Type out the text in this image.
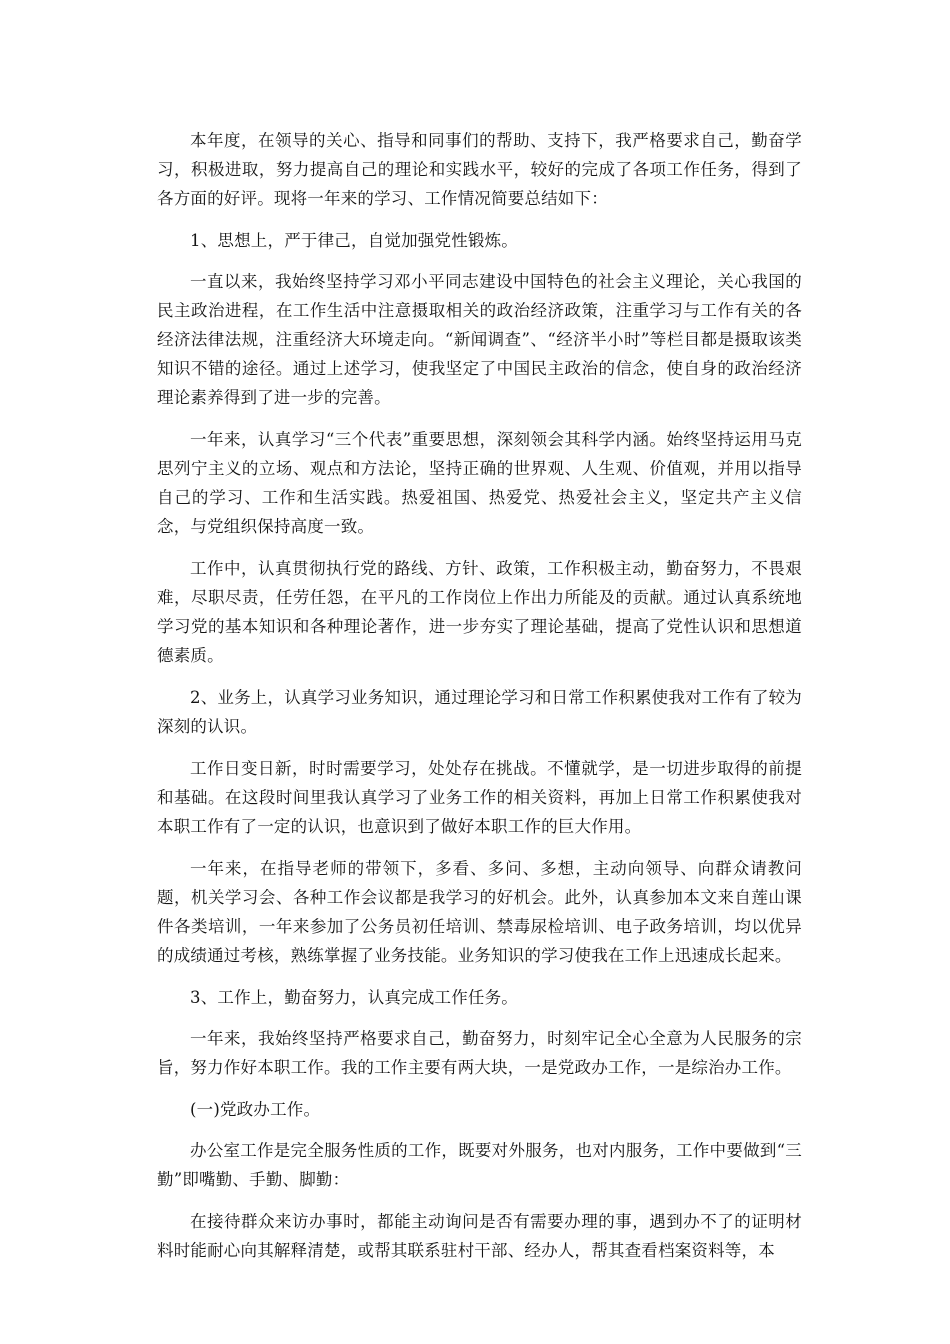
本年度，在领导的关心、指导和同事们的帮助、支持下，我严格要求自己，勤奋学习，积极进取，努力提高自己的理论和实践水平，较好的完成了各项工作任务，得到了各方面的好评。现将一年来的学习、工作情况简要总结如下：

1、思想上，严于律己，自觉加强党性锻炼。

一直以来，我始终坚持学习邓小平同志建设中国特色的社会主义理论，关心我国的民主政治进程，在工作生活中注意摄取相关的政治经济政策，注重学习与工作有关的各经济法律法规，注重经济大环境走向。“新闻调查”、“经济半小时”等栏目都是摄取该类知识不错的途径。通过上述学习，使我坚定了中国民主政治的信念，使自身的政治经济理论素养得到了进一步的完善。

一年来，认真学习“三个代表”重要思想，深刻领会其科学内涵。始终坚持运用马克思列宁主义的立场、观点和方法论，坚持正确的世界观、人生观、价值观，并用以指导自己的学习、工作和生活实践。热爱祖国、热爱党、热爱社会主义，坚定共产主义信念，与党组织保持高度一致。

工作中，认真贯彻执行党的路线、方针、政策，工作积极主动，勤奋努力，不畏艰难，尽职尽责，任劳任怨，在平凡的工作岗位上作出力所能及的贡献。通过认真系统地学习党的基本知识和各种理论著作，进一步夯实了理论基础，提高了党性认识和思想道德素质。

2、业务上，认真学习业务知识，通过理论学习和日常工作积累使我对工作有了较为深刻的认识。

工作日变日新，时时需要学习，处处存在挑战。不懂就学，是一切进步取得的前提和基础。在这段时间里我认真学习了业务工作的相关资料，再加上日常工作积累使我对本职工作有了一定的认识，也意识到了做好本职工作的巨大作用。

一年来，在指导老师的带领下，多看、多问、多想，主动向领导、向群众请教问题，机关学习会、各种工作会议都是我学习的好机会。此外，认真参加本文来自莲山课件各类培训，一年来参加了公务员初任培训、禁毒尿检培训、电子政务培训，均以优异的成绩通过考核，熟练掌握了业务技能。业务知识的学习使我在工作上迅速成长起来。

3、工作上，勤奋努力，认真完成工作任务。

一年来，我始终坚持严格要求自己，勤奋努力，时刻牢记全心全意为人民服务的宗旨，努力作好本职工作。我的工作主要有两大块，一是党政办工作，一是综治办工作。

(一)党政办工作。

办公室工作是完全服务性质的工作，既要对外服务，也对内服务，工作中要做到“三勤”即嘴勤、手勤、脚勤：

在接待群众来访办事时，都能主动询问是否有需要办理的事，遇到办不了的证明材料时能耐心向其解释清楚，或帮其联系驻村干部、经办人，帮其查看档案资料等，本
